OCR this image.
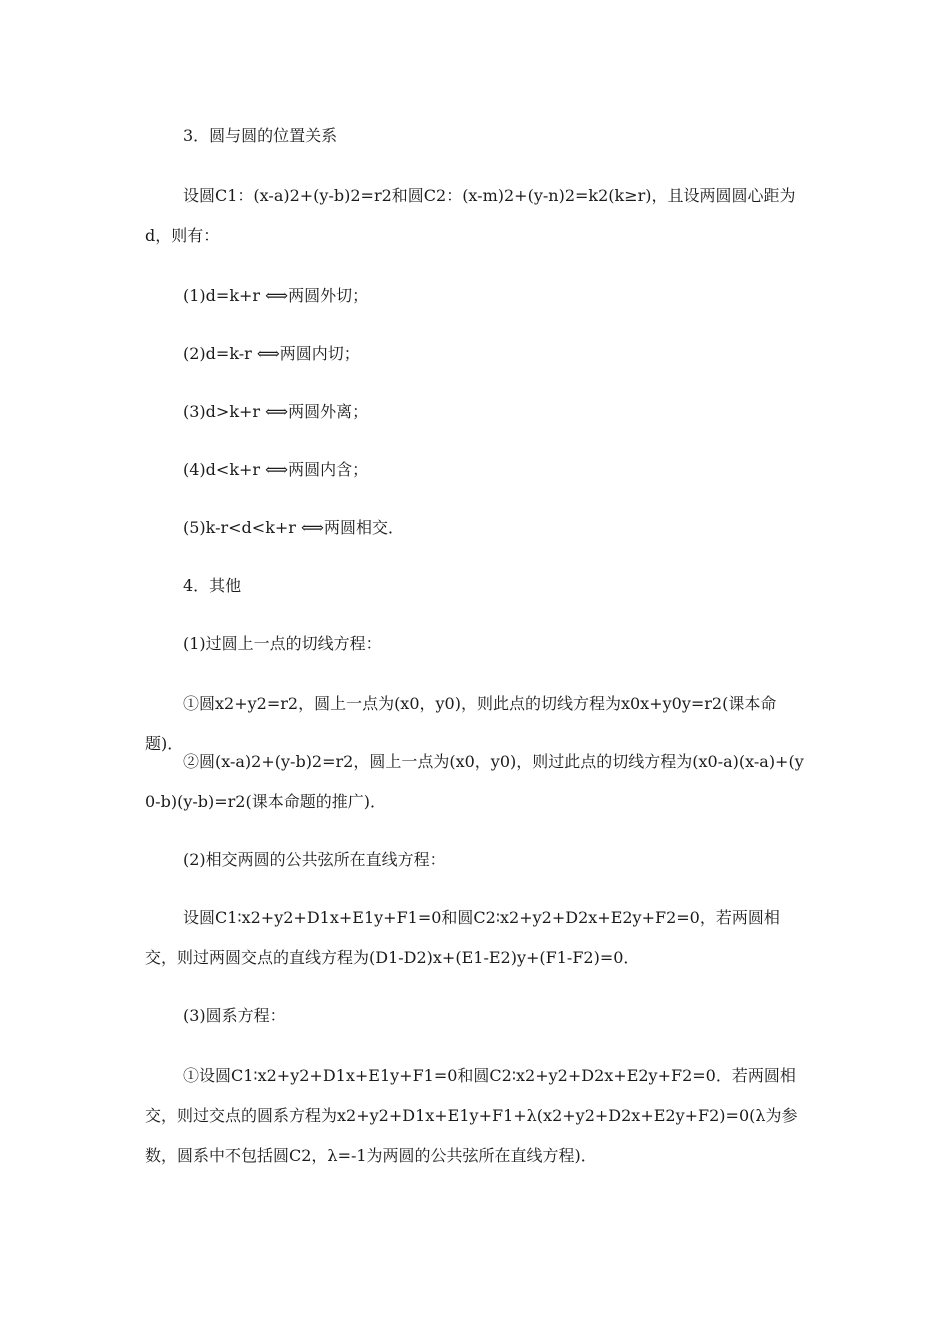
3．圆与圆的位置关系
设圆C1：(x-a)2+(y-b)2=r2和圆C2：(x-m)2+(y-n)2=k2(k≥r)，且设两圆圆心距为d，则有：
(1)d=k+r ⟺两圆外切；
(2)d=k-r ⟺两圆内切；
(3)d>k+r ⟺两圆外离；
(4)d<k+r ⟺两圆内含；
(5)k-r<d<k+r ⟺两圆相交．
4．其他
(1)过圆上一点的切线方程：
①圆x2+y2=r2，圆上一点为(x0，y0)，则此点的切线方程为x0x+y0y=r2(课本命题)．
②圆(x-a)2+(y-b)2=r2，圆上一点为(x0，y0)，则过此点的切线方程为(x0-a)(x-a)+(y0-b)(y-b)=r2(课本命题的推广)．
(2)相交两圆的公共弦所在直线方程：
设圆C1∶x2+y2+D1x+E1y+F1=0和圆C2∶x2+y2+D2x+E2y+F2=0，若两圆相交，则过两圆交点的直线方程为(D1-D2)x+(E1-E2)y+(F1-F2)=0．
(3)圆系方程：
①设圆C1∶x2+y2+D1x+E1y+F1=0和圆C2∶x2+y2+D2x+E2y+F2=0．若两圆相交，则过交点的圆系方程为x2+y2+D1x+E1y+F1+λ(x2+y2+D2x+E2y+F2)=0(λ为参数，圆系中不包括圆C2，λ=-1为两圆的公共弦所在直线方程)．
